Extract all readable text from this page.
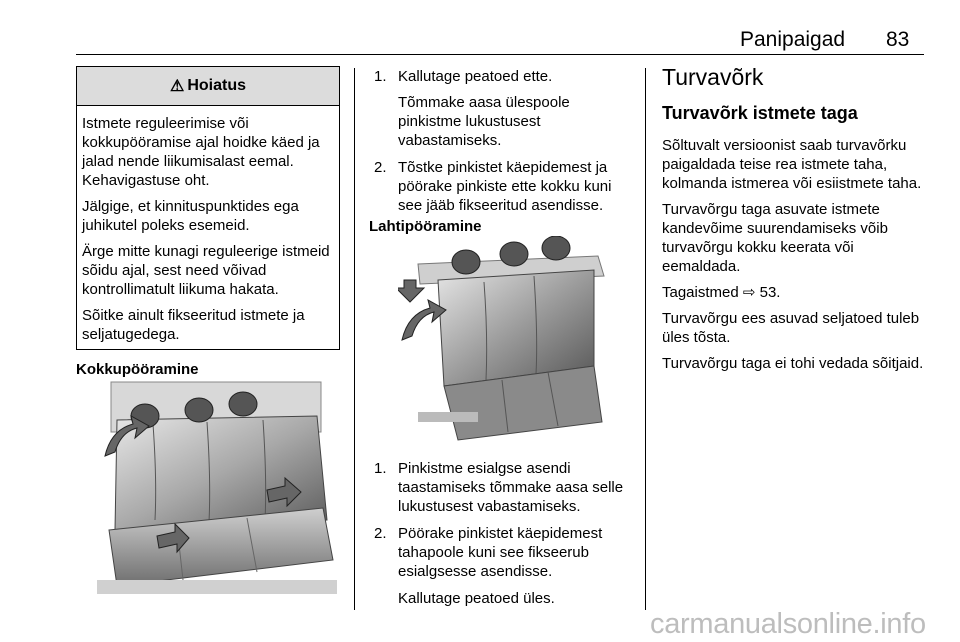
Panipaigad 83
⚠ Hoiatus

Istmete reguleerimise või kokkupööramise ajal hoidke käed ja jalad nende liikumisalast eemal. Kehavigastuse oht.

Jälgige, et kinnituspunktides ega juhikutel poleks esemeid.

Ärge mitte kunagi reguleerige istmeid sõidu ajal, sest need võivad kontrollimatult liikuma hakata.

Sõitke ainult fikseeritud istmete ja seljatugedega.

Kokkupööramine
1. Kallutage peatoed ette.
Tõmmake aasa ülespoole pinkistme lukustusest vabastamiseks.
2. Tõstke pinkistet käepidemest ja pöörake pinkiste ette kokku kuni see jääb fikseeritud asendisse.
Lahtipööramine
1. Pinkistme esialgse asendi taastamiseks tõmmake aasa selle lukustusest vabastamiseks.
2. Pöörake pinkistet käepidemest tahapoole kuni see fikseerub esialgsesse asendisse.
Kallutage peatoed üles.
Turvavõrk
Turvavõrk istmete taga

Sõltuvalt versioonist saab turvavõrku paigaldada teise rea istmete taha, kolmanda istmerea või esiistmete taha.

Turvavõrgu taga asuvate istmete kandevõime suurendamiseks võib turvavõrgu kokku keerata või eemaldada.

Tagaistmed ⇨ 53.

Turvavõrgu ees asuvad seljatoed tuleb üles tõsta.

Turvavõrgu taga ei tohi vedada sõitjaid.

carmanualsonline.info
